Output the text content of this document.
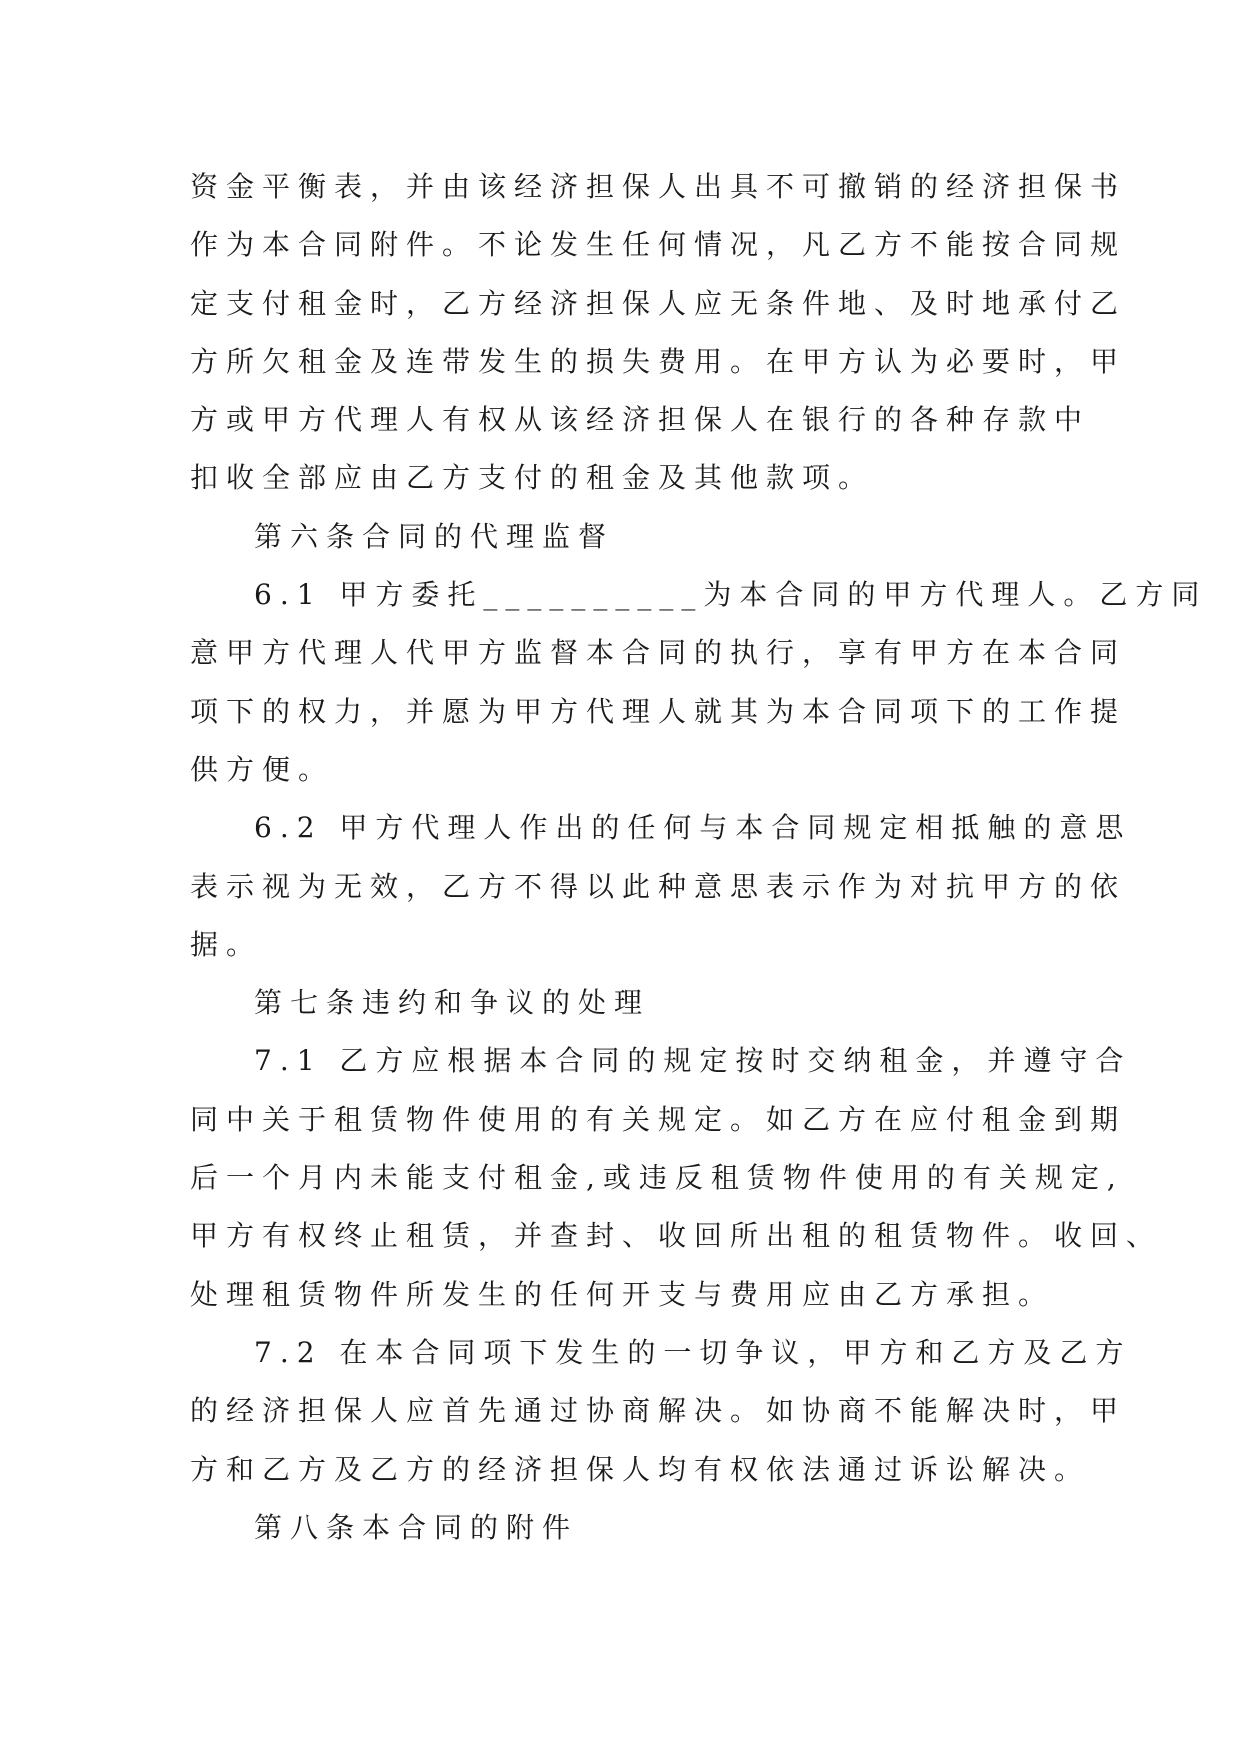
资金平衡表，并由该经济担保人出具不可撤销的经济担保书
作为本合同附件。不论发生任何情况，凡乙方不能按合同规
定支付租金时，乙方经济担保人应无条件地、及时地承付乙
方所欠租金及连带发生的损失费用。在甲方认为必要时，甲
方或甲方代理人有权从该经济担保人在银行的各种存款中
扣收全部应由乙方支付的租金及其他款项。
第六条合同的代理监督
6.1 甲方委托__________为本合同的甲方代理人。乙方同
意甲方代理人代甲方监督本合同的执行，享有甲方在本合同
项下的权力，并愿为甲方代理人就其为本合同项下的工作提
供方便。
6.2 甲方代理人作出的任何与本合同规定相抵触的意思
表示视为无效，乙方不得以此种意思表示作为对抗甲方的依
据。
第七条违约和争议的处理
7.1 乙方应根据本合同的规定按时交纳租金，并遵守合
同中关于租赁物件使用的有关规定。如乙方在应付租金到期
后一个月内未能支付租金,或违反租赁物件使用的有关规定,
甲方有权终止租赁，并查封、收回所出租的租赁物件。收回、
处理租赁物件所发生的任何开支与费用应由乙方承担。
7.2 在本合同项下发生的一切争议，甲方和乙方及乙方
的经济担保人应首先通过协商解决。如协商不能解决时，甲
方和乙方及乙方的经济担保人均有权依法通过诉讼解决。
第八条本合同的附件
